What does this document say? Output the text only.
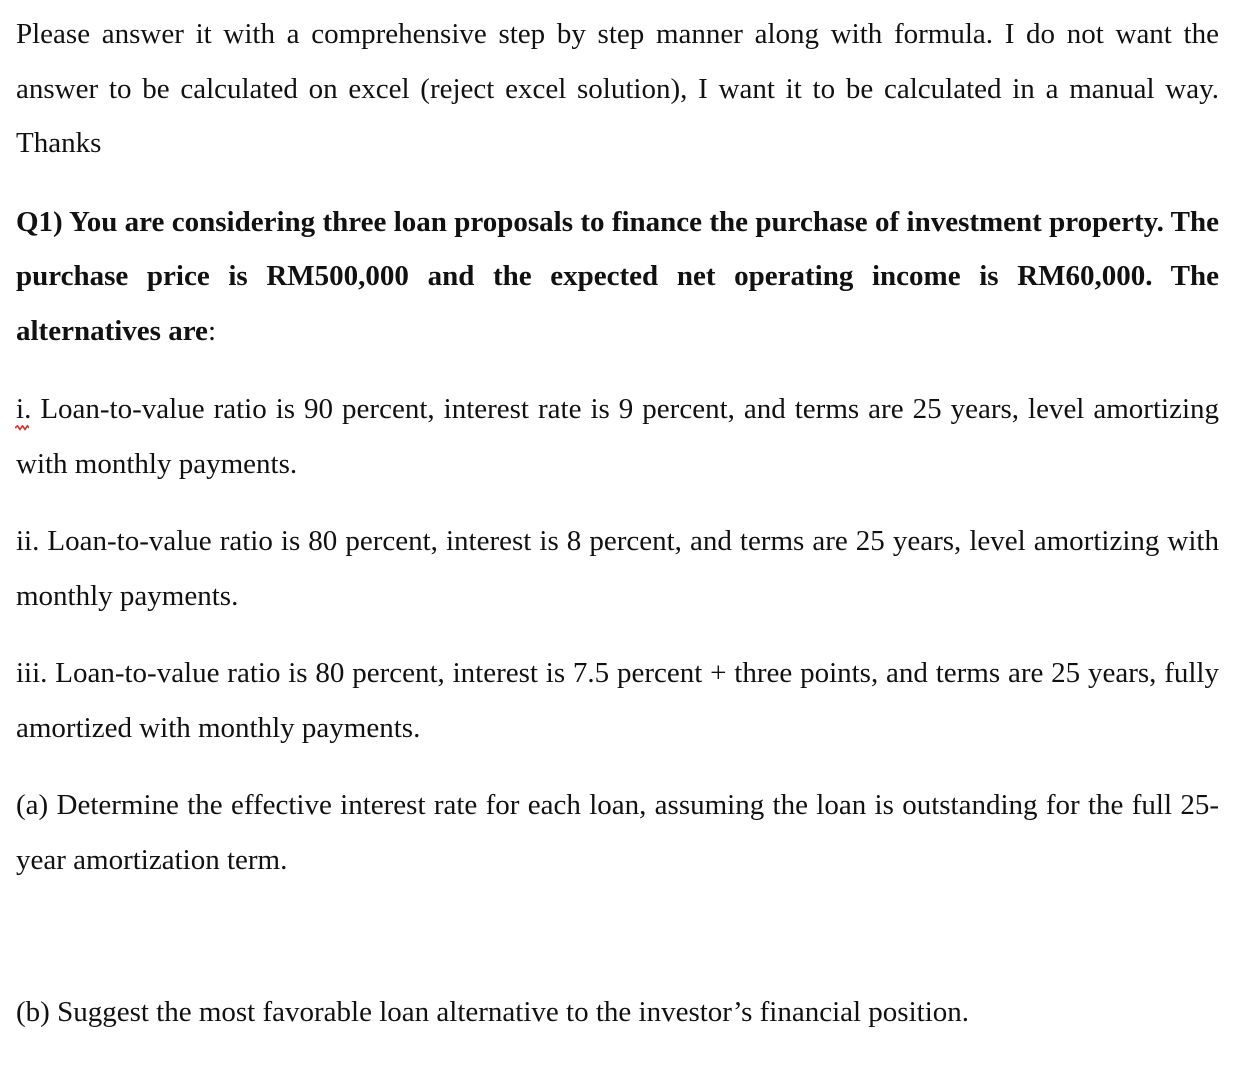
Please answer it with a comprehensive step by step manner along with formula. I do not want the answer to be calculated on excel (reject excel solution), I want it to be calculated in a manual way. Thanks

Q1) You are considering three loan proposals to finance the purchase of investment property. The purchase price is RM500,000 and the expected net operating income is RM60,000. The alternatives are:

i
. Loan-to-value ratio is 90 percent, interest rate is 9 percent, and terms are 25 years, level amortizing with monthly payments.

ii. Loan-to-value ratio is 80 percent, interest is 8 percent, and terms are 25 years, level amortizing with monthly payments.

iii. Loan-to-value ratio is 80 percent, interest is 7.5 percent + three points, and terms are 25 years, fully amortized with monthly payments.

(a) Determine the effective interest rate for each loan, assuming the loan is outstanding for the full 25-year amortization term.

(b) Suggest the most favorable loan alternative to the investor’s financial position.
